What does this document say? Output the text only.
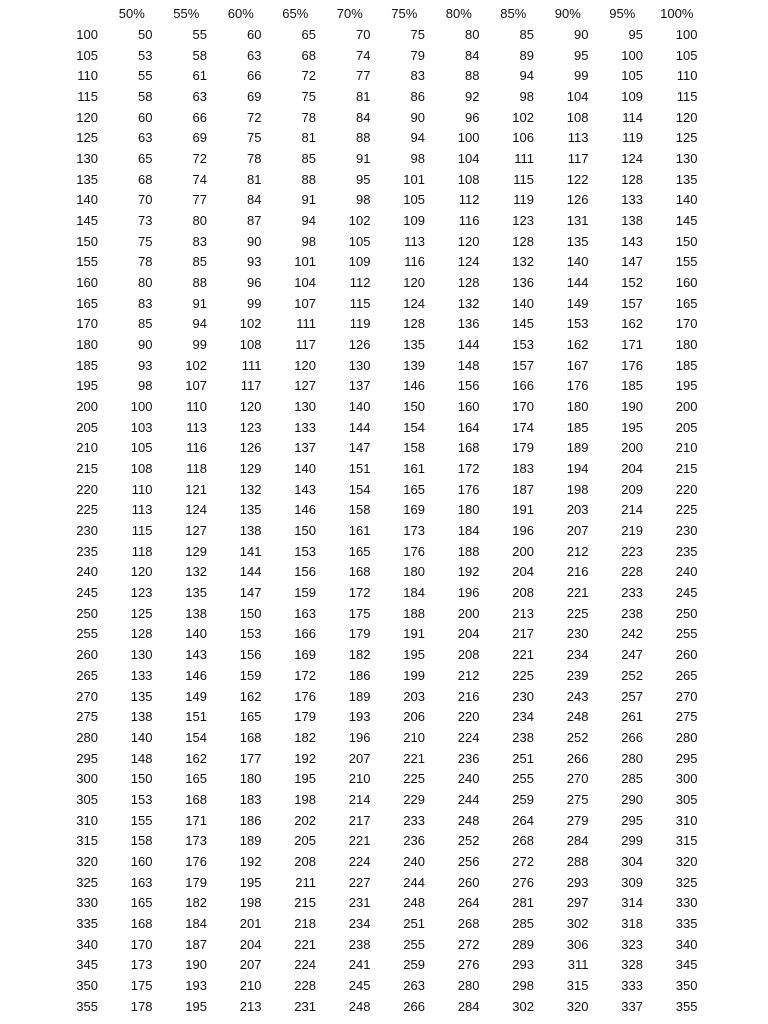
	50%	55%	60%	65%	70%	75%	80%	85%	90%	95%	100%
100	50	55	60	65	70	75	80	85	90	95	100
105	53	58	63	68	74	79	84	89	95	100	105
110	55	61	66	72	77	83	88	94	99	105	110
115	58	63	69	75	81	86	92	98	104	109	115
120	60	66	72	78	84	90	96	102	108	114	120
125	63	69	75	81	88	94	100	106	113	119	125
130	65	72	78	85	91	98	104	111	117	124	130
135	68	74	81	88	95	101	108	115	122	128	135
140	70	77	84	91	98	105	112	119	126	133	140
145	73	80	87	94	102	109	116	123	131	138	145
150	75	83	90	98	105	113	120	128	135	143	150
155	78	85	93	101	109	116	124	132	140	147	155
160	80	88	96	104	112	120	128	136	144	152	160
165	83	91	99	107	115	124	132	140	149	157	165
170	85	94	102	111	119	128	136	145	153	162	170
180	90	99	108	117	126	135	144	153	162	171	180
185	93	102	111	120	130	139	148	157	167	176	185
195	98	107	117	127	137	146	156	166	176	185	195
200	100	110	120	130	140	150	160	170	180	190	200
205	103	113	123	133	144	154	164	174	185	195	205
210	105	116	126	137	147	158	168	179	189	200	210
215	108	118	129	140	151	161	172	183	194	204	215
220	110	121	132	143	154	165	176	187	198	209	220
225	113	124	135	146	158	169	180	191	203	214	225
230	115	127	138	150	161	173	184	196	207	219	230
235	118	129	141	153	165	176	188	200	212	223	235
240	120	132	144	156	168	180	192	204	216	228	240
245	123	135	147	159	172	184	196	208	221	233	245
250	125	138	150	163	175	188	200	213	225	238	250
255	128	140	153	166	179	191	204	217	230	242	255
260	130	143	156	169	182	195	208	221	234	247	260
265	133	146	159	172	186	199	212	225	239	252	265
270	135	149	162	176	189	203	216	230	243	257	270
275	138	151	165	179	193	206	220	234	248	261	275
280	140	154	168	182	196	210	224	238	252	266	280
295	148	162	177	192	207	221	236	251	266	280	295
300	150	165	180	195	210	225	240	255	270	285	300
305	153	168	183	198	214	229	244	259	275	290	305
310	155	171	186	202	217	233	248	264	279	295	310
315	158	173	189	205	221	236	252	268	284	299	315
320	160	176	192	208	224	240	256	272	288	304	320
325	163	179	195	211	227	244	260	276	293	309	325
330	165	182	198	215	231	248	264	281	297	314	330
335	168	184	201	218	234	251	268	285	302	318	335
340	170	187	204	221	238	255	272	289	306	323	340
345	173	190	207	224	241	259	276	293	311	328	345
350	175	193	210	228	245	263	280	298	315	333	350
355	178	195	213	231	248	266	284	302	320	337	355
